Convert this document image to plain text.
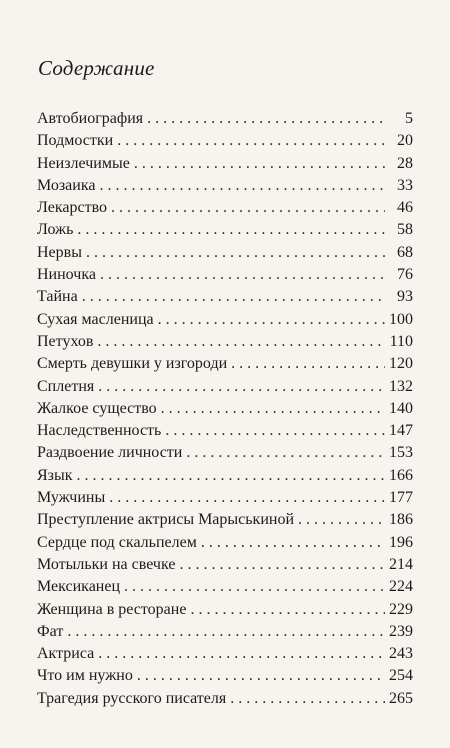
Содержание
Автобиография . . .	5
Подмостки . . .	20
Неизлечимые . . .	28
Мозаика . . .	33
Лекарство . . .	46
Ложь . . .	58
Нервы . . .	68
Ниночка . . .	76
Тайна . . .	93
Сухая масленица . . .	100
Петухов . . .	110
Смерть девушки у изгороди . . .	120
Сплетня . . .	132
Жалкое существо . . .	140
Наследственность . . .	147
Раздвоение личности . . .	153
Язык . . .	166
Мужчины . . .	177
Преступление актрисы Марыськиной . . .	186
Сердце под скальпелем . . .	196
Мотыльки на свечке . . .	214
Мексиканец . . .	224
Женщина в ресторане . . .	229
Фат . . .	239
Актриса . . .	243
Что им нужно . . .	254
Трагедия русского писателя . . .	265
